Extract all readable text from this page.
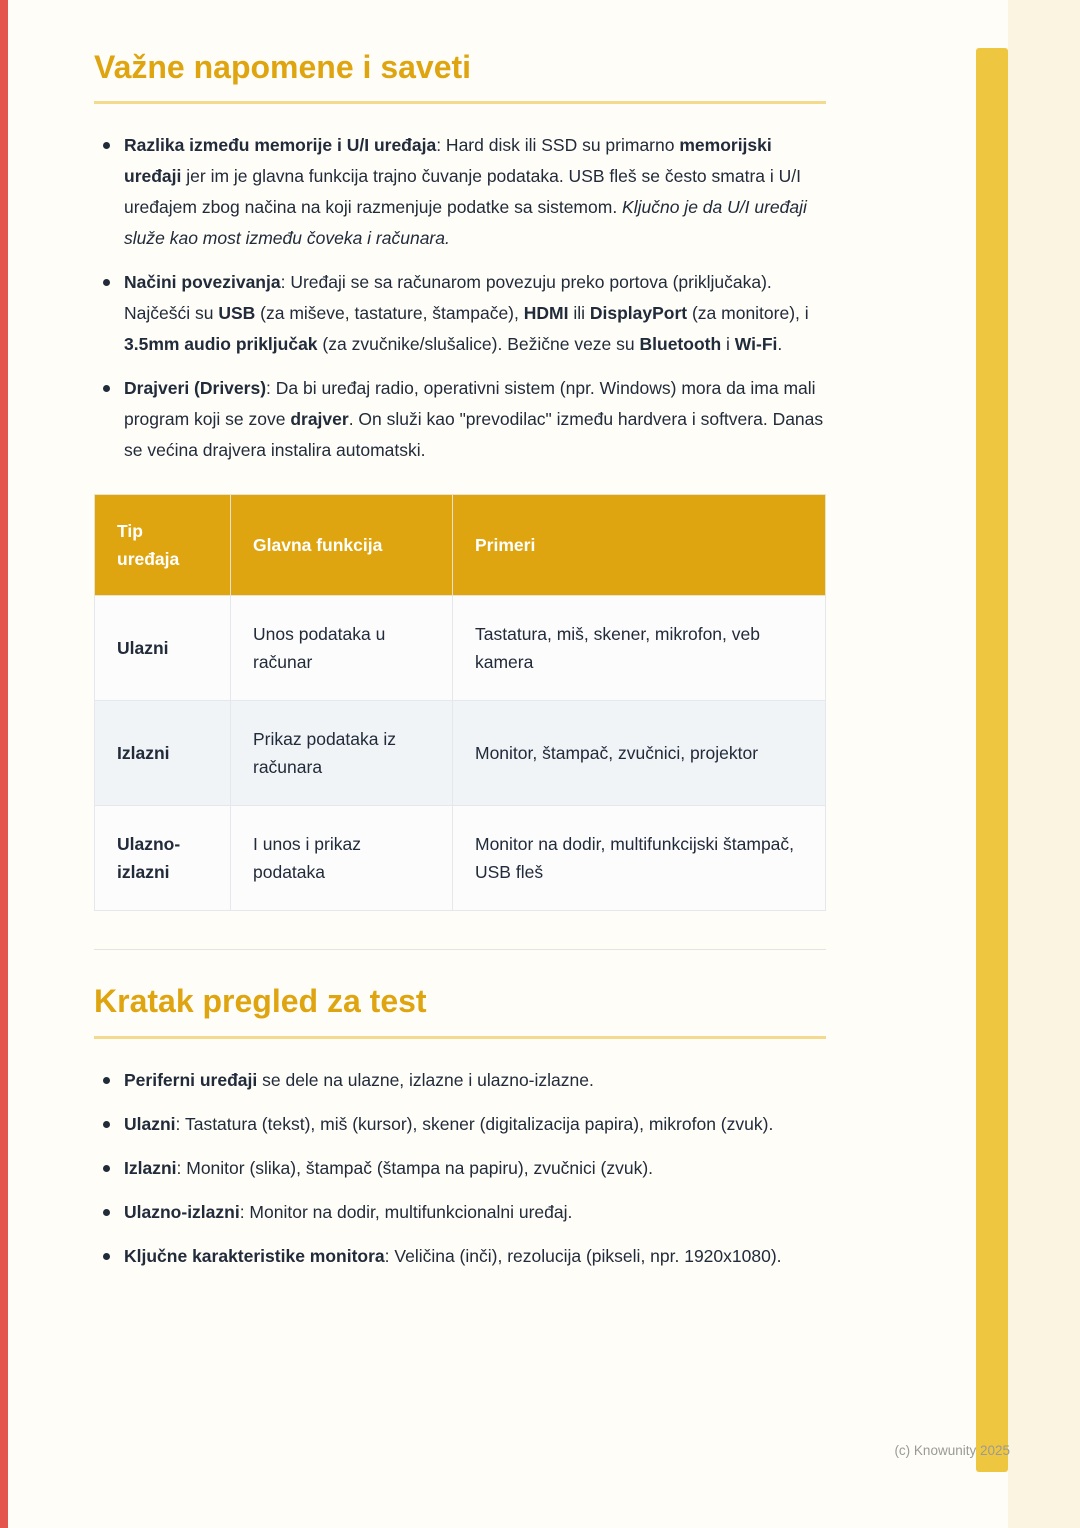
Važne napomene i saveti
Razlika između memorije i U/I uređaja: Hard disk ili SSD su primarno memorijski uređaji jer im je glavna funkcija trajno čuvanje podataka. USB fleš se često smatra i U/I uređajem zbog načina na koji razmenjuje podatke sa sistemom. Ključno je da U/I uređaji služe kao most između čoveka i računara.
Načini povezivanja: Uređaji se sa računarom povezuju preko portova (priključaka). Najčešći su USB (za miševe, tastature, štampače), HDMI ili DisplayPort (za monitore), i 3.5mm audio priključak (za zvučnike/slušalice). Bežične veze su Bluetooth i Wi-Fi.
Drajveri (Drivers): Da bi uređaj radio, operativni sistem (npr. Windows) mora da ima mali program koji se zove drajver. On služi kao "prevodilac" između hardvera i softvera. Danas se većina drajvera instalira automatski.
Tip uređaja	Glavna funkcija	Primeri
Ulazni	Unos podataka u računar	Tastatura, miš, skener, mikrofon, veb kamera
Izlazni	Prikaz podataka iz računara	Monitor, štampač, zvučnici, projektor
Ulazno-izlazni	I unos i prikaz podataka	Monitor na dodir, multifunkcijski štampač, USB fleš
Kratak pregled za test
Periferni uređaji se dele na ulazne, izlazne i ulazno-izlazne.
Ulazni: Tastatura (tekst), miš (kursor), skener (digitalizacija papira), mikrofon (zvuk).
Izlazni: Monitor (slika), štampač (štampa na papiru), zvučnici (zvuk).
Ulazno-izlazni: Monitor na dodir, multifunkcionalni uređaj.
Ključne karakteristike monitora: Veličina (inči), rezolucija (pikseli, npr. 1920x1080).
(c) Knowunity 2025
